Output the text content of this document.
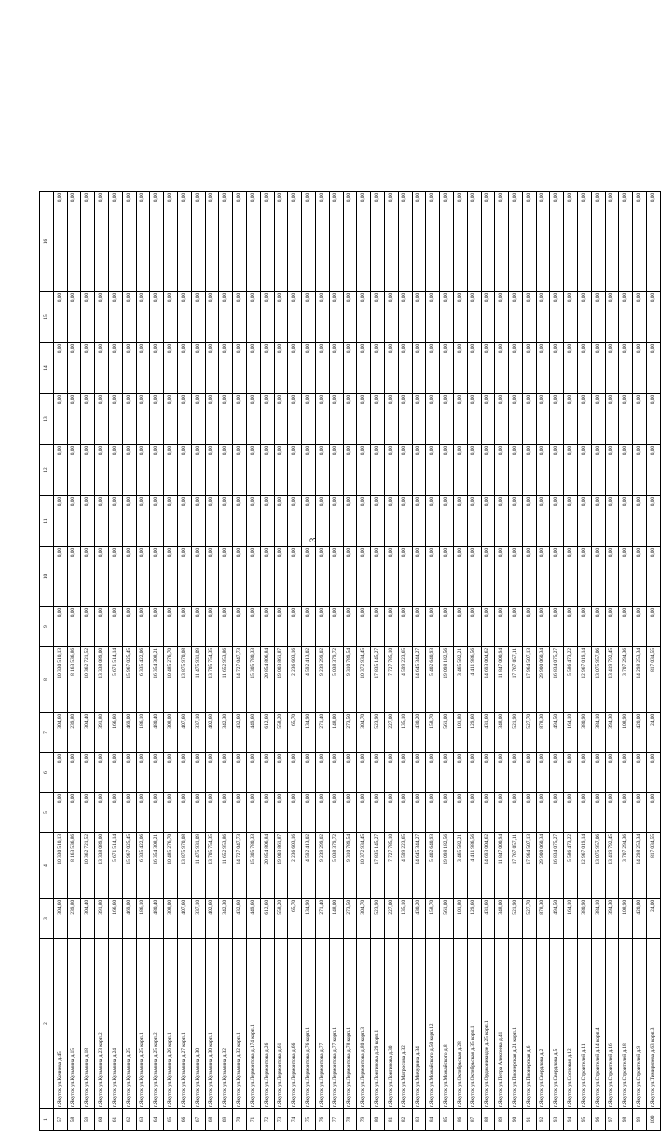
3
1	2	3	4	5	6	7	8	9	10	11	12	13	14	15	16
57	г.Якутск ул.Кочнева д.45	304,60	10 330 510,13	0,00	0,00	304,60	10 330 510,13	0,00	0,00	0,00	0,00	0,00	0,00	0,00	0,00
58	г.Якутск ул.Кузьмина д.15	239,80	8 163 536,86	0,00	0,00	239,80	8 163 536,86	0,00	0,00	0,00	0,00	0,00	0,00	0,00	0,00
59	г.Якутск ул.Кузьмина д.18	304,40	10 362 721,52	0,00	0,00	304,40	10 362 721,52	0,00	0,00	0,00	0,00	0,00	0,00	0,00	0,00
60	г.Якутск ул.Кузьмина д.23 корп.2	391,80	13 338 089,00	0,00	0,00	391,80	13 338 089,00	0,00	0,00	0,00	0,00	0,00	0,00	0,00	0,00
61	г.Якутск ул.Кузьмина д.24	166,60	5 671 514,14	0,00	0,00	166,60	5 671 514,14	0,00	0,00	0,00	0,00	0,00	0,00	0,00	0,00
62	г.Якутск ул.Кузьмина д.25	469,00	15 967 025,45	0,00	0,00	469,00	15 967 025,45	0,00	0,00	0,00	0,00	0,00	0,00	0,00	0,00
63	г.Якутск ул.Кузьмина д.25 корп.1	186,10	6 335 422,06	0,00	0,00	186,10	6 335 422,06	0,00	0,00	0,00	0,00	0,00	0,00	0,00	0,00
64	г.Якутск ул.Кузьмина д.25 корп.2	480,40	16 354 308,21	0,00	0,00	480,40	16 354 308,21	0,00	0,00	0,00	0,00	0,00	0,00	0,00	0,00
65	г.Якутск ул.Кузьмина д.26 корп.1	308,00	10 485 276,70	0,00	0,00	308,00	10 485 276,70	0,00	0,00	0,00	0,00	0,00	0,00	0,00	0,00
66	г.Якутск ул.Кузьмина д.27 корп.1	407,60	13 875 970,08	0,00	0,00	407,60	13 875 970,08	0,00	0,00	0,00	0,00	0,00	0,00	0,00	0,00
67	г.Якутск ул.Кузьмина д.30	337,10	11 475 931,09	0,00	0,00	337,10	11 475 931,09	0,00	0,00	0,00	0,00	0,00	0,00	0,00	0,00
68	г.Якутск ул.Кузьмина д.30 корп.1	402,60	13 705 754,35	0,00	0,00	402,60	13 705 754,35	0,00	0,00	0,00	0,00	0,00	0,00	0,00	0,00
69	г.Якутск ул.Кузьмина д.32	342,30	11 652 953,86	0,00	0,00	342,30	11 652 953,86	0,00	0,00	0,00	0,00	0,00	0,00	0,00	0,00
70	г.Якутск ул.Кузьмина д.32 корп.1	432,60	14 727 047,73	0,00	0,00	432,60	14 727 047,73	0,00	0,00	0,00	0,00	0,00	0,00	0,00	0,00
71	г.Якутск ул.Лермонтова д.174 корп.1	449,60	15 305 780,33	0,00	0,00	449,60	15 305 780,33	0,00	0,00	0,00	0,00	0,00	0,00	0,00	0,00
72	г.Якутск ул.Лермонтова д.26	612,60	20 854 806,84	0,00	0,00	612,60	20 854 806,84	0,00	0,00	0,00	0,00	0,00	0,00	0,00	0,00
73	г.Якутск ул.Лермонтова д.61	558,20	19 003 861,87	0,00	0,00	558,20	19 003 861,87	0,00	0,00	0,00	0,00	0,00	0,00	0,00	0,00
74	г.Якутск ул.Лермонтова д.66	65,70	2 236 603,16	0,00	0,00	65,70	2 236 603,16	0,00	0,00	0,00	0,00	0,00	0,00	0,00	0,00
75	г.Якутск ул.Лермонтова д.76 корп.1	134,90	4 592 413,02	0,00	0,00	134,90	4 592 413,02	0,00	0,00	0,00	0,00	0,00	0,00	0,00	0,00
76	г.Якутск ул.Лермонтова д.77	271,40	9 239 299,02	0,00	0,00	271,40	9 239 299,02	0,00	0,00	0,00	0,00	0,00	0,00	0,00	0,00
77	г.Якутск ул.Лермонтова д.77 корп.1	148,00	5 038 379,72	0,00	0,00	148,00	5 038 379,72	0,00	0,00	0,00	0,00	0,00	0,00	0,00	0,00
78	г.Якутск ул.Лермонтова д.78 корп.1	273,50	9 310 789,54	0,00	0,00	273,50	9 310 789,54	0,00	0,00	0,00	0,00	0,00	0,00	0,00	0,00
79	г.Якутск ул.Лермонтова д.80 корп.3	304,70	10 372 934,45	0,00	0,00	304,70	10 372 934,45	0,00	0,00	0,00	0,00	0,00	0,00	0,00	0,00
80	г.Якутск ул.Лонгинова д.29 корп.1	523,90	17 835 145,27	0,00	0,00	523,90	17 835 145,27	0,00	0,00	0,00	0,00	0,00	0,00	0,00	0,00
81	г.Якутск ул.Лонгинова д.30	227,00	7 727 785,10	0,00	0,00	227,00	7 727 785,10	0,00	0,00	0,00	0,00	0,00	0,00	0,00	0,00
82	г.Якутск ул.Матросова д.32	135,10	4 599 223,65	0,00	0,00	135,10	4 599 223,65	0,00	0,00	0,00	0,00	0,00	0,00	0,00	0,00
83	г.Якутск ул.Мичурина д.34	430,20	14 645 344,27	0,00	0,00	430,20	14 645 344,27	0,00	0,00	0,00	0,00	0,00	0,00	0,00	0,00
84	г.Якутск ул.Можайского д.50 корп.12	158,70	5 402 640,93	0,00	0,00	158,70	5 402 640,93	0,00	0,00	0,00	0,00	0,00	0,00	0,00	0,00
85	г.Якутск ул.Можайского д.8	561,00	19 098 182,56	0,00	0,00	561,00	19 098 182,56	0,00	0,00	0,00	0,00	0,00	0,00	0,00	0,00
86	г.Якутск ул.Октябрьская д.28	101,80	3 465 582,21	0,00	0,00	101,80	3 465 582,21	0,00	0,00	0,00	0,00	0,00	0,00	0,00	0,00
87	г.Якутск ул.Октябрьская д.35 корп.1	129,60	4 411 986,56	0,00	0,00	129,60	4 411 986,56	0,00	0,00	0,00	0,00	0,00	0,00	0,00	0,00
88	г.Якутск ул.Орджоникидзе д.25 корп.1	431,60	14 693 004,62	0,00	0,00	431,60	14 693 004,62	0,00	0,00	0,00	0,00	0,00	0,00	0,00	0,00
89	г.Якутск ул.Петра Алексеева д.41	348,00	11 847 000,94	0,00	0,00	348,00	11 847 000,94	0,00	0,00	0,00	0,00	0,00	0,00	0,00	0,00
90	г.Якутск ул.Пионерская д.21 корп.1	521,90	17 767 057,11	0,00	0,00	521,90	17 767 057,11	0,00	0,00	0,00	0,00	0,00	0,00	0,00	0,00
91	г.Якутск ул.Пионерская д.6	527,70	17 964 507,13	0,00	0,00	527,70	17 964 507,13	0,00	0,00	0,00	0,00	0,00	0,00	0,00	0,00
92	г.Якутск ул.Свердлова д.2	878,30	29 900 060,34	0,00	0,00	878,30	29 900 060,34	0,00	0,00	0,00	0,00	0,00	0,00	0,00	0,00
93	г.Якутск ул.Свердлова д.5	494,50	16 834 075,27	0,00	0,00	494,50	16 834 075,27	0,00	0,00	0,00	0,00	0,00	0,00	0,00	0,00
94	г.Якутск ул.Сосновая д.12	164,10	5 586 473,22	0,00	0,00	164,10	5 586 473,22	0,00	0,00	0,00	0,00	0,00	0,00	0,00	0,00
95	г.Якутск ул.Строителей д.11	380,90	12 967 019,14	0,00	0,00	380,90	12 967 019,14	0,00	0,00	0,00	0,00	0,00	0,00	0,00	0,00
96	г.Якутск ул.Строителей д.14 корп.4	384,10	13 075 957,06	0,00	0,00	384,10	13 075 957,06	0,00	0,00	0,00	0,00	0,00	0,00	0,00	0,00
97	г.Якутск ул.Строителей д.16	394,30	13 419 792,45	0,00	0,00	394,30	13 419 792,45	0,00	0,00	0,00	0,00	0,00	0,00	0,00	0,00
98	г.Якутск ул.Строителей д.18	108,90	3 707 294,36	0,00	0,00	108,90	3 707 294,36	0,00	0,00	0,00	0,00	0,00	0,00	0,00	0,00
99	г.Якутск ул.Строителей д.9	420,00	14 298 253,34	0,00	0,00	420,00	14 298 253,34	0,00	0,00	0,00	0,00	0,00	0,00	0,00	0,00
100	г.Якутск ул.Тимирязева д.63 корп.3	24,00	817 034,55	0,00	0,00	24,00	817 034,55	0,00	0,00	0,00	0,00	0,00	0,00	0,00	0,00
